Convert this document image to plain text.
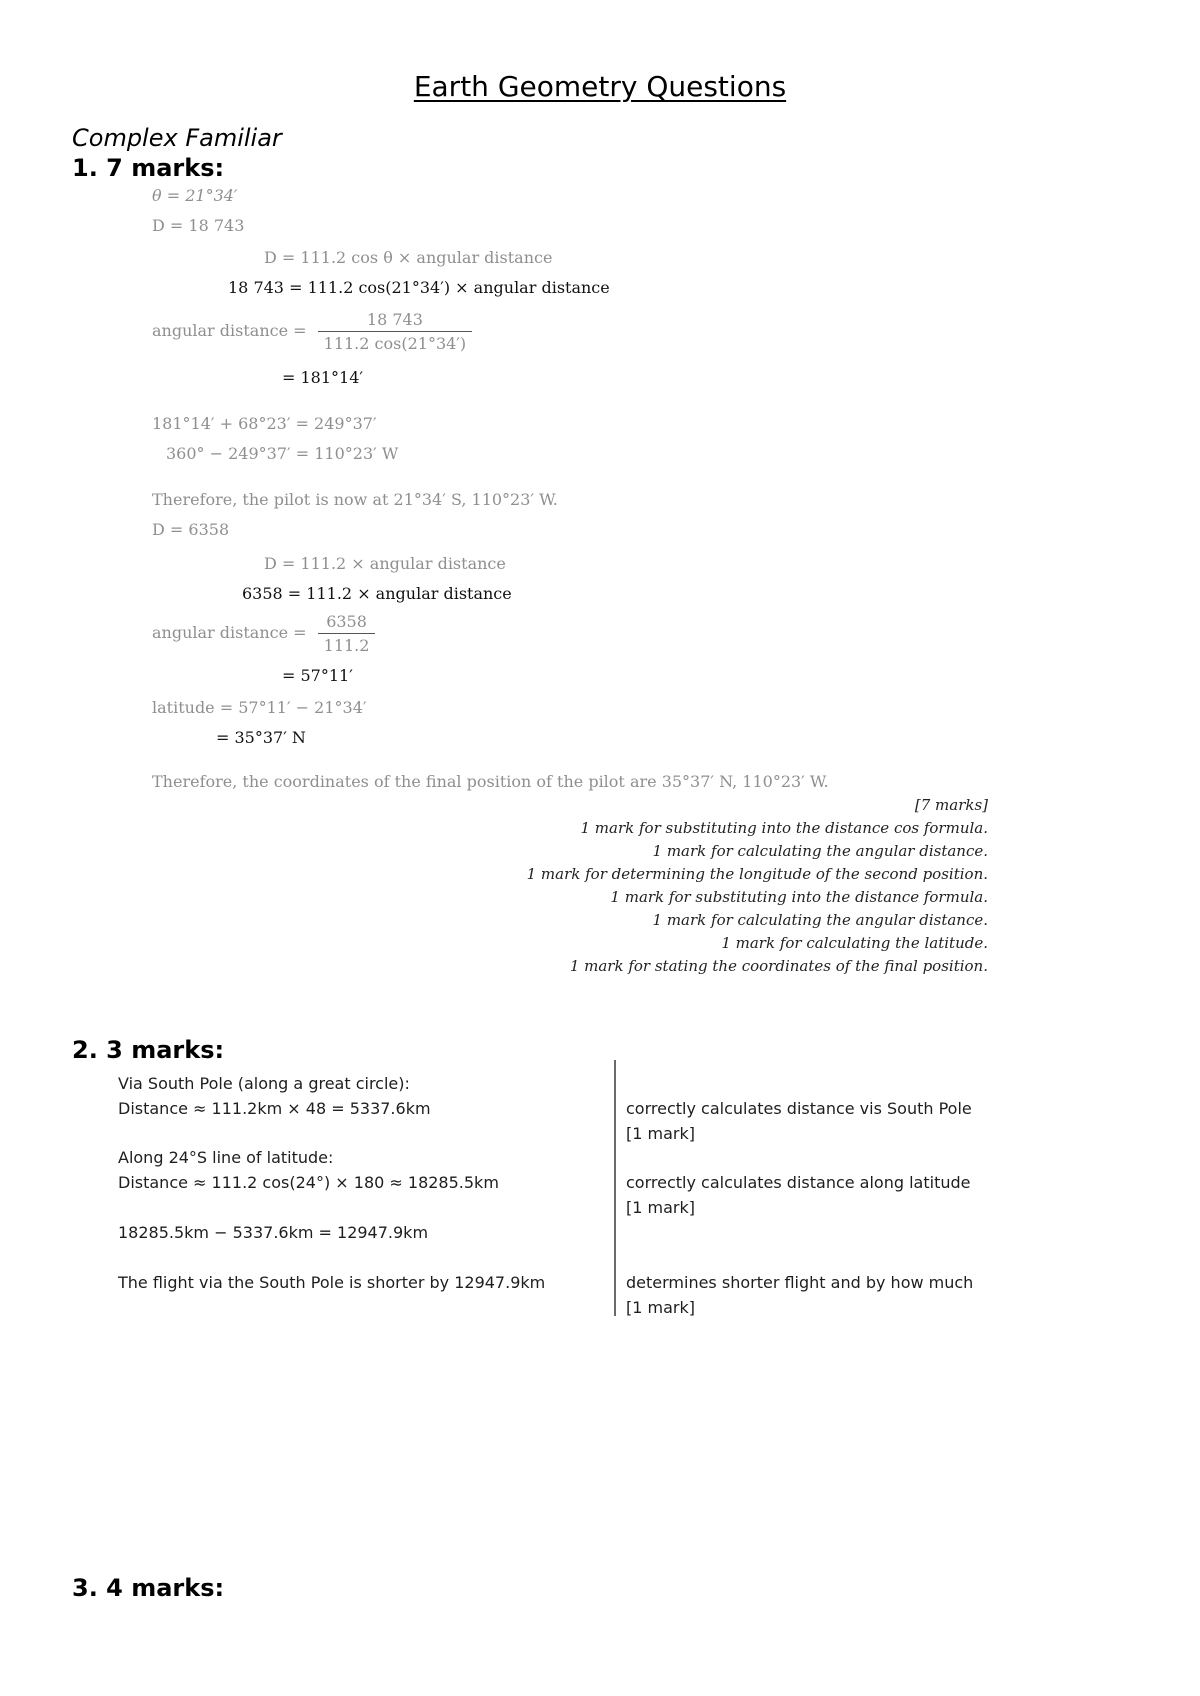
Earth Geometry Questions
Complex Familiar
1. 7 marks:
θ = 21°34′
D = 18 743
D = 111.2 cos θ × angular distance
18 743 = 111.2 cos(21°34′) × angular distance
angular distance = $\frac{18 743}{111.2 \cos(21^\circ 34')}$
= 181°14′
181°14′ + 68°23′ = 249°37′
360° − 249°37′ = 110°23′ W
Therefore, the pilot is now at 21°34′ S, 110°23′ W.
D = 6358
D = 111.2 × angular distance
6358 = 111.2 × angular distance
angular distance = $\frac{6358}{111.2}$
= 57°11′
latitude = 57°11′ − 21°34′
= 35°37′ N
Therefore, the coordinates of the final position of the pilot are 35°37′ N, 110°23′ W.
[7 marks]
1 mark for substituting into the distance cos formula.
1 mark for calculating the angular distance.
1 mark for determining the longitude of the second position.
1 mark for substituting into the distance formula.
1 mark for calculating the angular distance.
1 mark for calculating the latitude.
1 mark for stating the coordinates of the final position.
2. 3 marks:
Via South Pole (along a great circle):
Distance ≈ 111.2km × 48 = 5337.6km
Along 24°S line of latitude:
Distance ≈ 111.2 cos(24°) × 180 ≈ 18285.5km
18285.5km − 5337.6km = 12947.9km
The flight via the South Pole is shorter by 12947.9km
correctly calculates distance vis South Pole
[1 mark]
correctly calculates distance along latitude
[1 mark]
determines shorter flight and by how much
[1 mark]
3. 4 marks:
